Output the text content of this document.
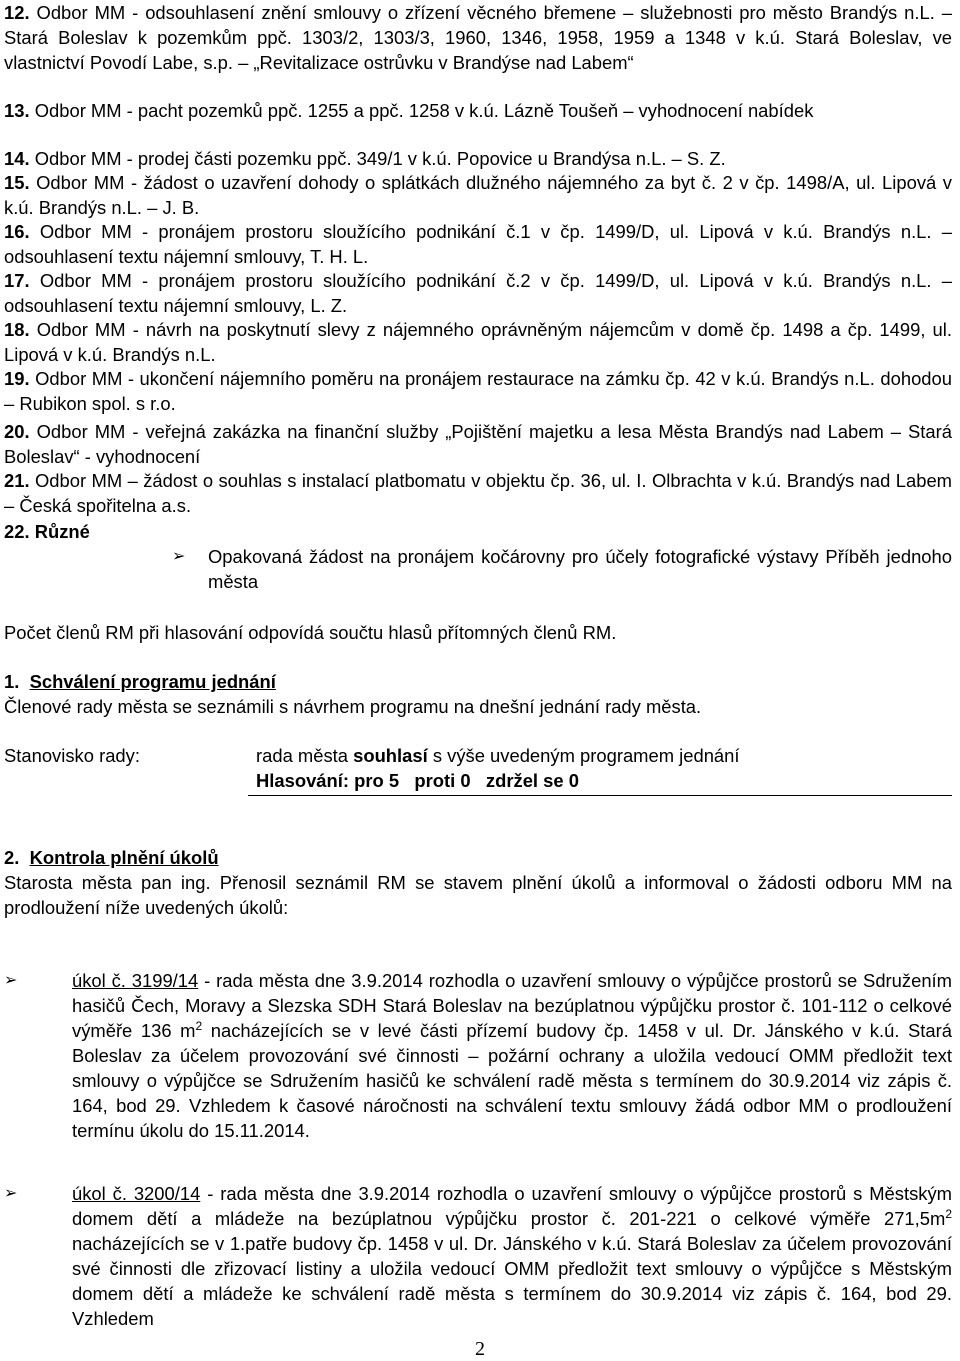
12. Odbor MM - odsouhlasení znění smlouvy o zřízení věcného břemene – služebnosti pro město Brandýs n.L. – Stará Boleslav k pozemkům ppč. 1303/2, 1303/3, 1960, 1346, 1958, 1959 a 1348 v k.ú. Stará Boleslav, ve vlastnictví Povodí Labe, s.p. – „Revitalizace ostrůvku v Brandýse nad Labem“
13. Odbor MM - pacht pozemků ppč. 1255 a ppč. 1258 v k.ú. Lázně Toušeň – vyhodnocení nabídek
14. Odbor MM - prodej části pozemku ppč. 349/1 v k.ú. Popovice u Brandýsa n.L. – S. Z.
15. Odbor MM - žádost o uzavření dohody o splátkách dlužného nájemného za byt č. 2 v čp. 1498/A, ul. Lipová v k.ú. Brandýs n.L. – J. B.
16. Odbor MM - pronájem prostoru sloužícího podnikání č.1 v čp. 1499/D, ul. Lipová v k.ú. Brandýs n.L. – odsouhlasení textu nájemní smlouvy, T. H. L.
17. Odbor MM - pronájem prostoru sloužícího podnikání č.2 v čp. 1499/D, ul. Lipová v k.ú. Brandýs n.L. – odsouhlasení textu nájemní smlouvy, L. Z.
18. Odbor MM - návrh na poskytnutí slevy z nájemného oprávněným nájemcům v domě čp. 1498 a čp. 1499, ul. Lipová v k.ú. Brandýs n.L.
19. Odbor MM - ukončení nájemního poměru na pronájem restaurace na zámku čp. 42 v k.ú. Brandýs n.L. dohodou – Rubikon spol. s r.o.
20. Odbor MM - veřejná zakázka na finanční služby „Pojištění majetku a lesa Města Brandýs nad Labem – Stará Boleslav“ - vyhodnocení
21. Odbor MM – žádost o souhlas s instalací platbomatu v objektu čp. 36, ul. I. Olbrachta v k.ú. Brandýs nad Labem – Česká spořitelna a.s.
22. Různé
➢ Opakovaná žádost na pronájem kočárovny pro účely fotografické výstavy Příběh jednoho města
Počet členů RM při hlasování odpovídá součtu hlasů přítomných členů RM.
1. Schválení programu jednání
Členové rady města se seznámili s návrhem programu na dnešní jednání rady města.
Stanovisko rady:	rada města souhlasí s výše uvedeným programem jednání
Hlasování: pro 5   proti 0   zdržel se 0
2. Kontrola plnění úkolů
Starosta města pan ing. Přenosil seznámil RM se stavem plnění úkolů a informoval o žádosti odboru MM na prodloužení níže uvedených úkolů:
➢	úkol č. 3199/14 - rada města dne 3.9.2014 rozhodla o uzavření smlouvy o výpůjčce prostorů se Sdružením hasičů Čech, Moravy a Slezska SDH Stará Boleslav na bezúplatnou výpůjčku prostor č. 101-112 o celkové výměře 136 $m^2$ nacházejících se v levé části přízemí budovy čp. 1458 v ul. Dr. Jánského v k.ú. Stará Boleslav za účelem provozování své činnosti – požární ochrany a uložila vedoucí OMM předložit text smlouvy o výpůjčce se Sdružením hasičů ke schválení radě města s termínem do 30.9.2014 viz zápis č. 164, bod 29. Vzhledem k časové náročnosti na schválení textu smlouvy žádá odbor MM o prodloužení termínu úkolu do 15.11.2014.
➢	úkol č. 3200/14 - rada města dne 3.9.2014 rozhodla o uzavření smlouvy o výpůjčce prostorů s Městským domem dětí a mládeže na bezúplatnou výpůjčku prostor č. 201-221 o celkové výměře $271,5m^2$ nacházejících se v 1.patře budovy čp. 1458 v ul. Dr. Jánského v k.ú. Stará Boleslav za účelem provozování své činnosti dle zřizovací listiny a uložila vedoucí OMM předložit text smlouvy o výpůjčce s Městským domem dětí a mládeže ke schválení radě města s termínem do 30.9.2014 viz zápis č. 164, bod 29. Vzhledem
2
